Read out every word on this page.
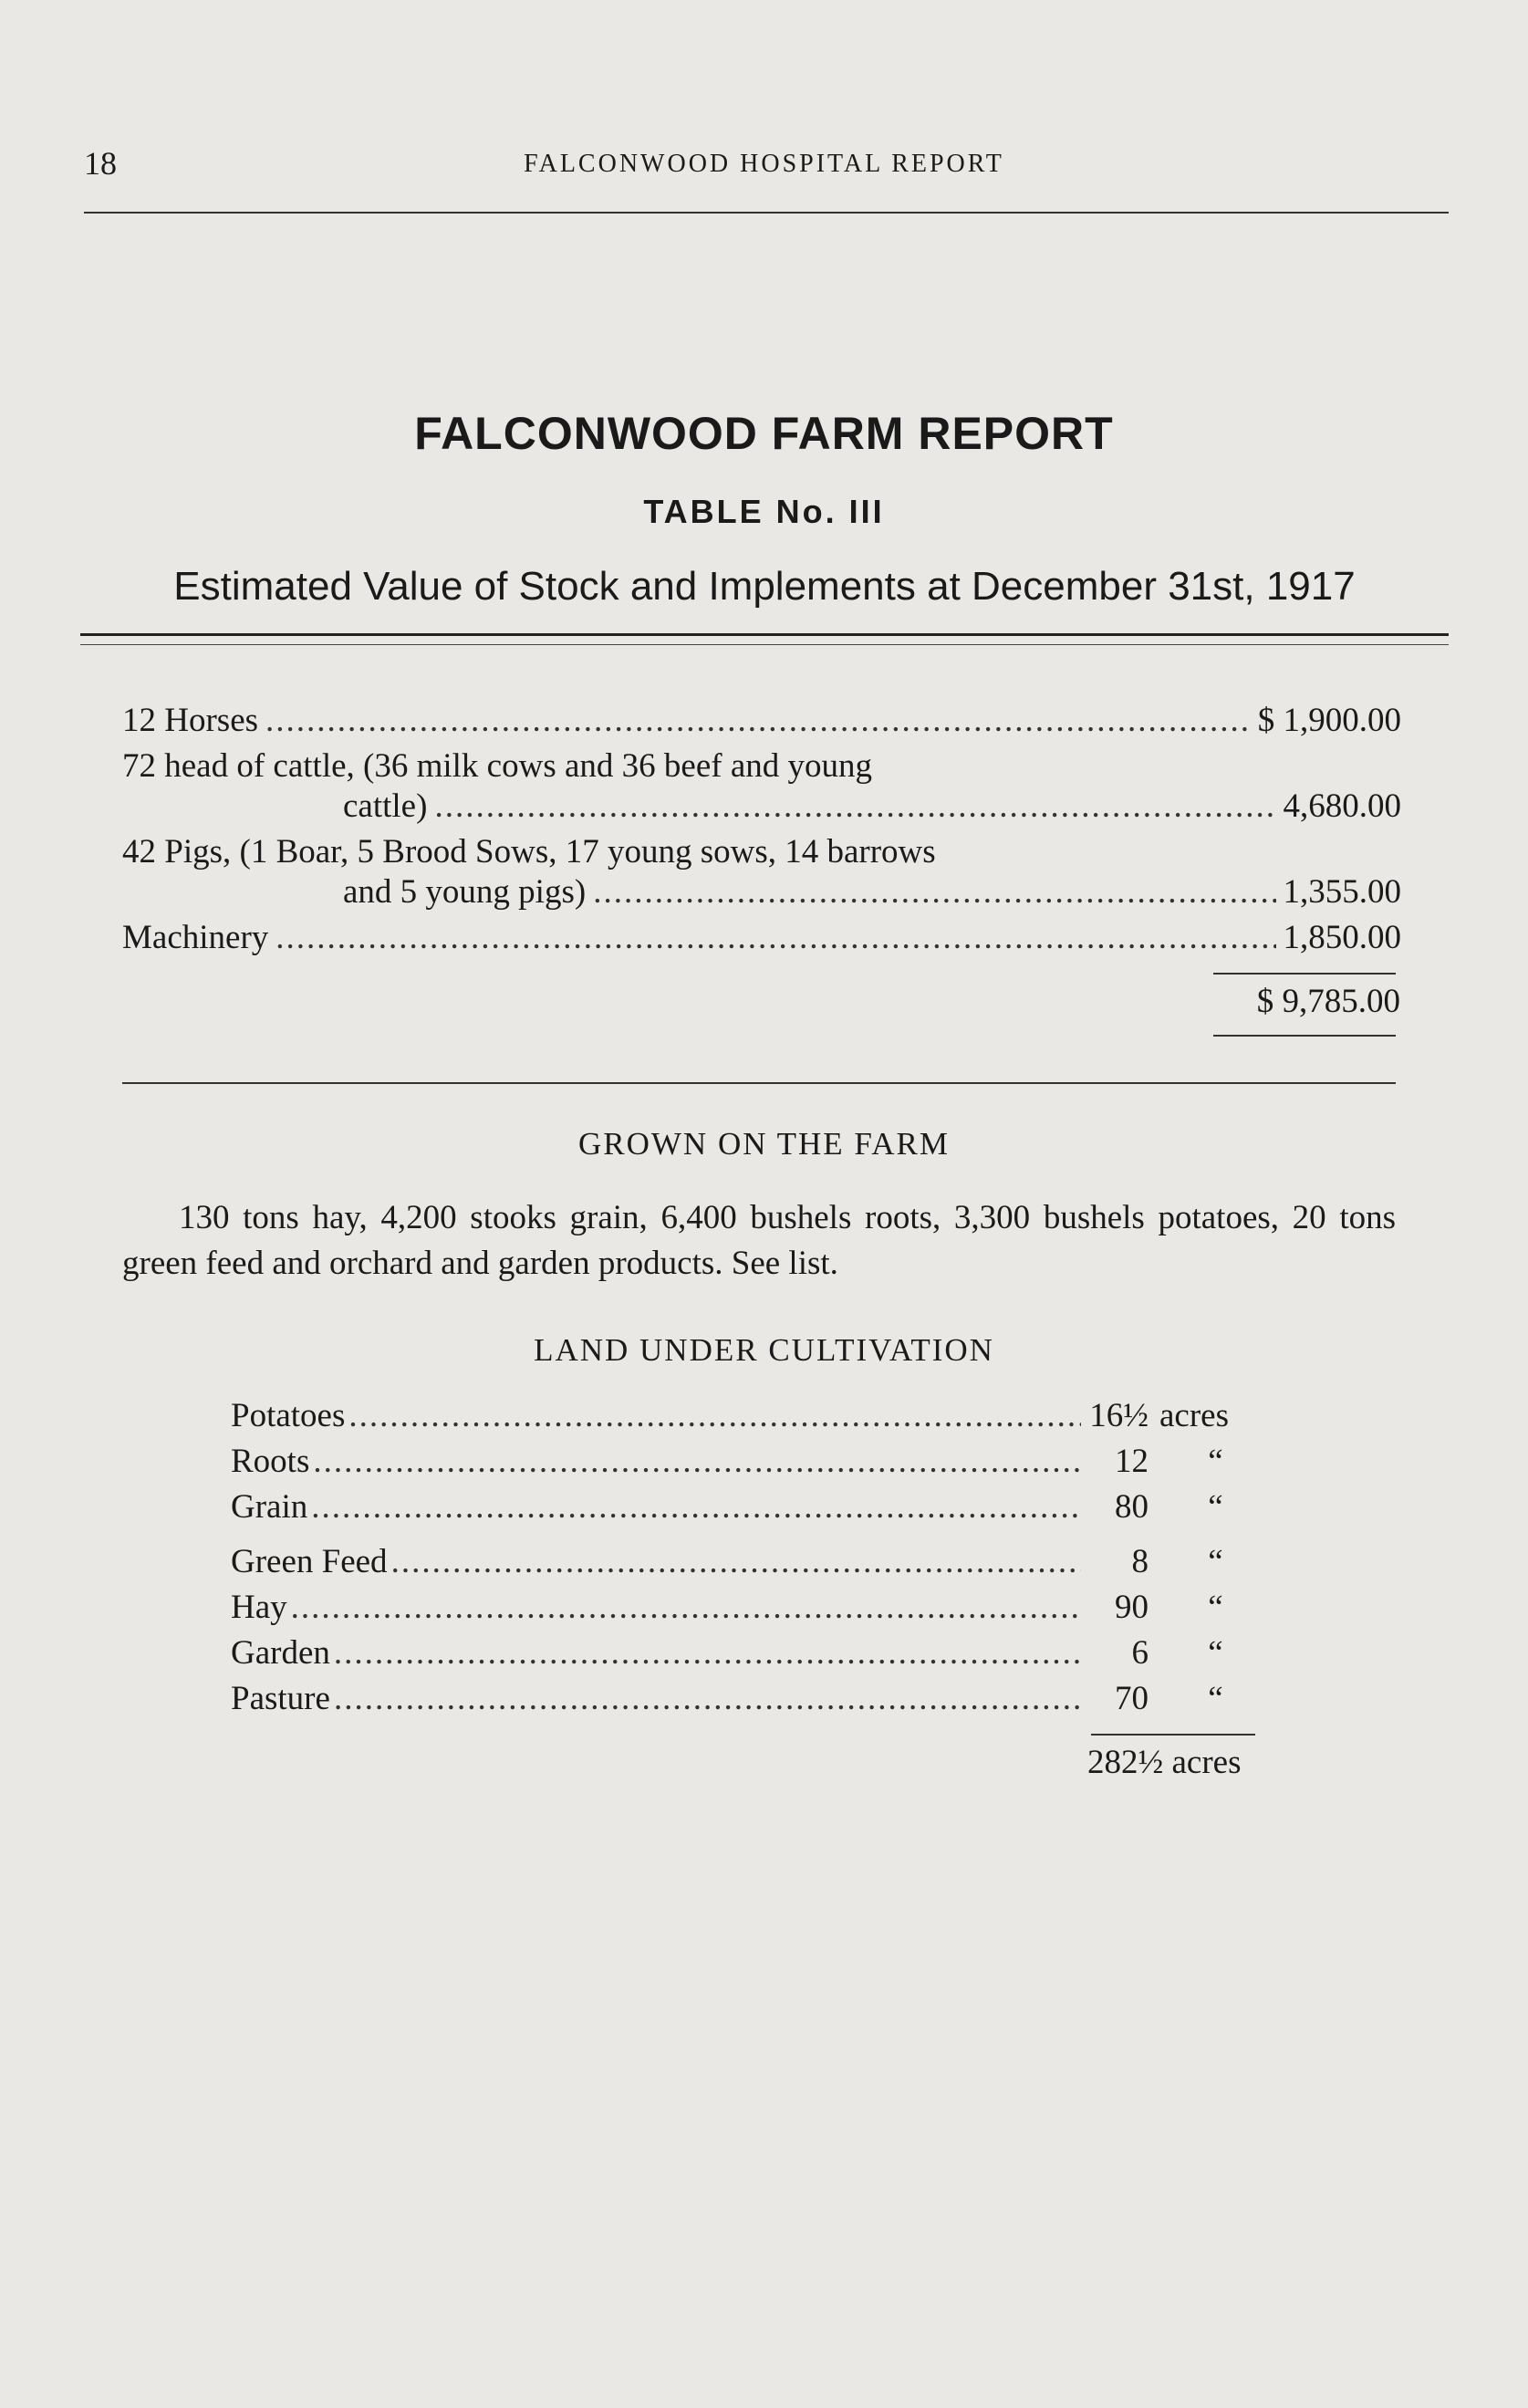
18	FALCONWOOD HOSPITAL REPORT
FALCONWOOD FARM REPORT
TABLE No. III
Estimated Value of Stock and Implements at December 31st, 1917
12 Horses .....	$ 1,900.00
72 head of cattle, (36 milk cows and 36 beef and young
cattle) .....	4,680.00
42 Pigs, (1 Boar, 5 Brood Sows, 17 young sows, 14 barrows
and 5 young pigs) .....	1,355.00
Machinery .....	1,850.00
$ 9,785.00
GROWN ON THE FARM

130 tons hay, 4,200 stooks grain, 6,400 bushels roots, 3,300 bushels potatoes, 20 tons green feed and orchard and garden products. See list.

LAND UNDER CULTIVATION
Potatoes .....	16½ acres
Roots .....	12	“
Grain .....	80	“
Green Feed .....	8	“
Hay .....	90	“
Garden .....	6	“
Pasture .....	70	“
282½ acres
